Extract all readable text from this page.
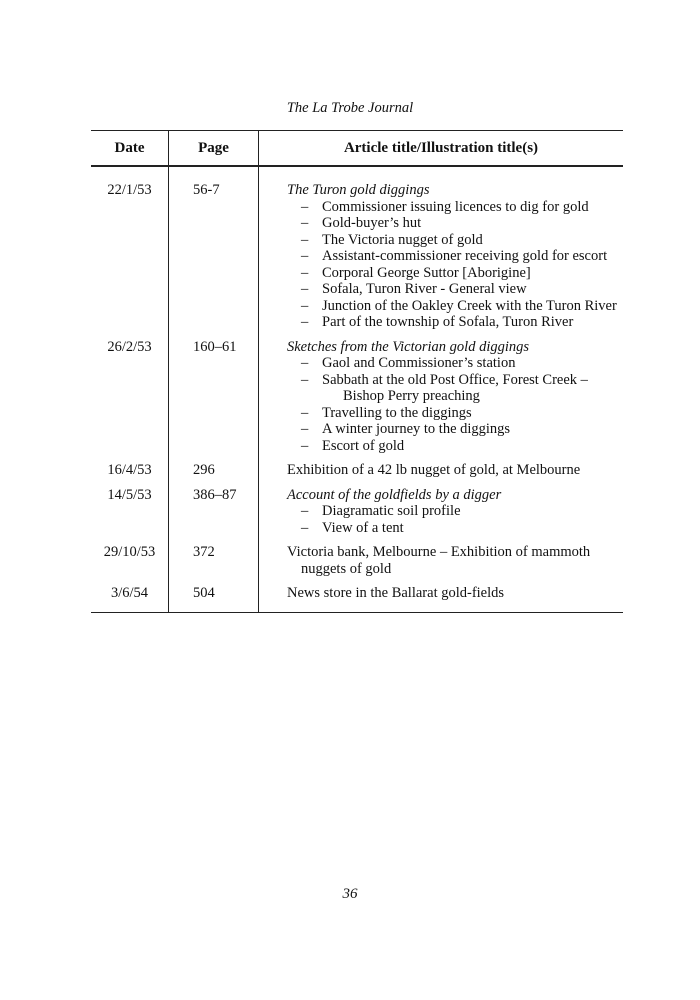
The La Trobe Journal
Date	Page	Article title/Illustration title(s)
22/1/53	56-7	The Turon gold diggings
– Commissioner issuing licences to dig for gold
– Gold-buyer’s hut
– The Victoria nugget of gold
– Assistant-commissioner receiving gold for escort
– Corporal George Suttor [Aborigine]
– Sofala, Turon River - General view
– Junction of the Oakley Creek with the Turon River
– Part of the township of Sofala, Turon River
26/2/53	160–61	Sketches from the Victorian gold diggings
– Gaol and Commissioner’s station
– Sabbath at the old Post Office, Forest Creek – Bishop Perry preaching
– Travelling to the diggings
– A winter journey to the diggings
– Escort of gold
16/4/53	296	Exhibition of a 42 lb nugget of gold, at Melbourne
14/5/53	386–87	Account of the goldfields by a digger
– Diagramatic soil profile
– View of a tent
29/10/53	372	Victoria bank, Melbourne – Exhibition of mammoth nuggets of gold
3/6/54	504	News store in the Ballarat gold-fields
36
